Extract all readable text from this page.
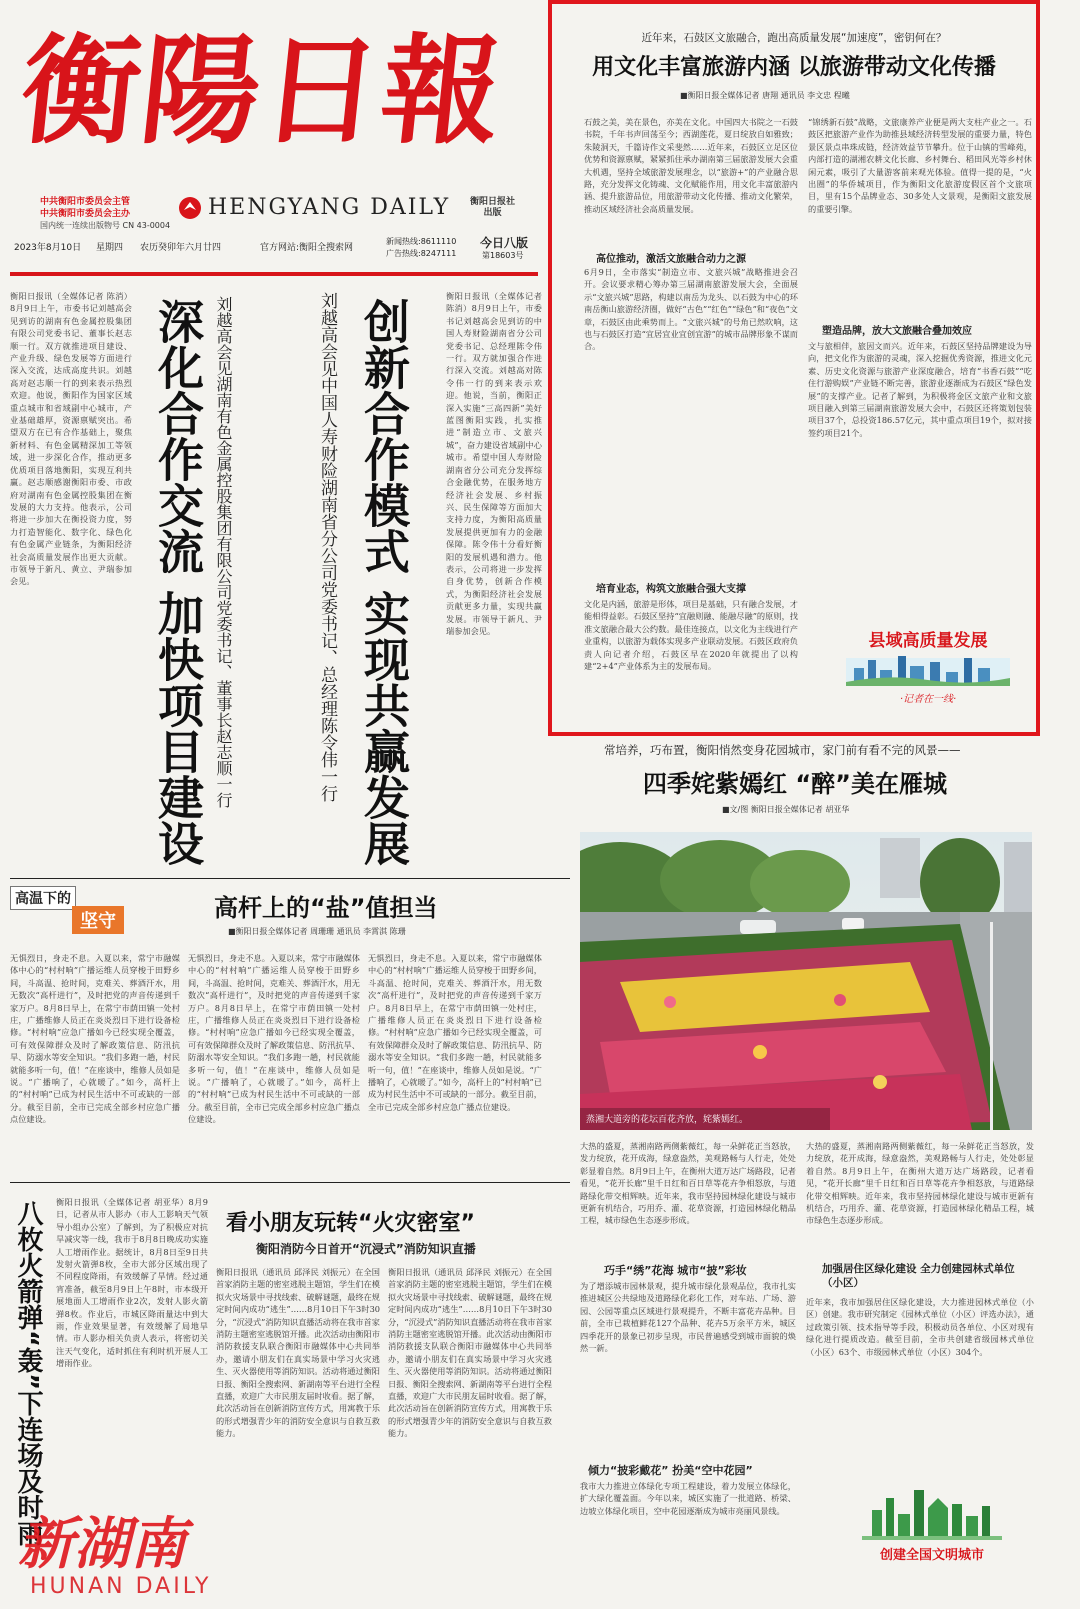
衡陽日報
中共衡阳市委员会主管
中共衡阳市委员会主办
国内统一连续出版物号 CN 43-0004
HENGYANG DAILY 衡阳日报社
出版
2023年8月10日 星期四 农历癸卯年六月廿四	官方网站:衡阳全搜索网
新闻热线:8611110
广告热线:8247111
今日八版
第18603号
衡阳日报讯（全媒体记者 陈消）8月9日上午，市委书记刘越高会见到访的湖南有色金属控股集团有限公司党委书记、董事长赵志顺一行。双方就推进项目建设、产业升级、绿色发展等方面进行深入交流，达成高度共识。刘越高对赵志顺一行的到来表示热烈欢迎。他说，衡阳作为国家区域重点城市和省域副中心城市，产业基础雄厚，资源禀赋突出。希望双方在已有合作基础上，聚焦新材料、有色金属精深加工等领域，进一步深化合作，推动更多优质项目落地衡阳，实现互利共赢。赵志顺感谢衡阳市委、市政府对湖南有色金属控股集团在衡发展的大力支持。他表示，公司将进一步加大在衡投资力度，努力打造智能化、数字化、绿色化有色金属产业链条，为衡阳经济社会高质量发展作出更大贡献。市领导于新凡、黄立、尹瑞参加会见。	深化合作交流 加快项目建设 刘越高会见湖南有色金属控股集团有限公司党委书记、董事长赵志顺一行	刘越高会见中国人寿财险湖南省分公司党委书记、总经理陈令伟一行 创新合作模式 实现共赢发展
衡阳日报讯（全媒体记者 陈消）8月9日上午，市委书记刘越高会见到访的中国人寿财险湖南省分公司党委书记、总经理陈令伟一行。双方就加强合作进行深入交流。刘越高对陈令伟一行的到来表示欢迎。他说，当前，衡阳正深入实施“三高四新”美好蓝图衡阳实践，扎实推进“制造立市、文旅兴城”，奋力建设省域副中心城市。希望中国人寿财险湖南省分公司充分发挥综合金融优势，在服务地方经济社会发展、乡村振兴、民生保障等方面加大支持力度，为衡阳高质量发展提供更加有力的金融保障。陈令伟十分看好衡阳的发展机遇和潜力。他表示，公司将进一步发挥自身优势，创新合作模式，为衡阳经济社会发展贡献更多力量，实现共赢发展。市领导于新凡、尹瑞参加会见。
近年来，石鼓区文旅融合，跑出高质量发展“加速度”，密钥何在？
用文化丰富旅游内涵 以旅游带动文化传播
■衡阳日报全媒体记者 唐翔 通讯员 李文忠 程曦
石鼓之美，美在景色，亦美在文化。中国四大书院之一石鼓书院，千年书声回荡至今；西湖莲花，夏日绽放自如雅致；朱陵洞天，千篇诗作文采斐然……近年来，石鼓区立足区位优势和资源禀赋，紧紧抓住承办湖南第三届旅游发展大会重大机遇，坚持全域旅游发展理念，以“旅游+”的产业融合思路，充分发挥文化铸魂、文化赋能作用，用文化丰富旅游内涵、提升旅游品位，用旅游带动文化传播、推动文化繁荣，推动区域经济社会高质量发展。
高位推动，激活文旅融合动力之源
6月9日，全市落实“制造立市、文旅兴城”战略推进会召开。会议要求精心筹办第三届湖南旅游发展大会，全面展示“文旅兴城”思路，构建以南岳为龙头、以石鼓为中心的环南岳衡山旅游经济圈，做好“古色”“红色”“绿色”和“夜色”文章，石鼓区由此乘势而上。“文旅兴城”的号角已然吹响，这也与石鼓区打造“宜居宜业宜创宜游”的城市品牌形象不谋而合。
培育业态，构筑文旅融合强大支撑
文化是内涵，旅游是形体，项目是基础，只有融合发展，才能相得益彰。石鼓区坚持“宜融则融、能融尽融”的原则，找准文旅融合最大公约数。最佳连接点，以文化为主线进行产业重构，以旅游为载体实现多产业联动发展。石鼓区政府负责人向记者介绍，石鼓区早在2020年就提出了以构建“2+4”产业体系为主的发展布局。
“锦绣新石鼓”战略，文旅康养产业便是两大支柱产业之一。石鼓区把旅游产业作为助推县域经济转型发展的重要力量，特色景区景点串珠成链，经济效益节节攀升。位于山镇的雪峰苑，内部打造的湖湘农耕文化长廊、乡村舞台、稻田风光等乡村休闲元素，吸引了大量游客前来观光体验。值得一提的是，“火出圈”的华侨城项目，作为衡阳文化旅游度假区首个文旅项目，里有15个品牌业态、30多处人文景观，是衡阳文旅发展的重要引擎。
塑造品牌，放大文旅融合叠加效应
文与旅相伴，旅因文而兴。近年来，石鼓区坚持品牌建设为导向，把文化作为旅游的灵魂，深入挖掘优秀资源，推进文化元素、历史文化资源与旅游产业深度融合，培育“书香石鼓”“吃住行游购娱”产业链不断完善，旅游业逐渐成为石鼓区“绿色发展”的支撑产业。记者了解到，为积极将金区文旅产业和文旅项目融入到第三届湖南旅游发展大会中，石鼓区还将策划包装项目37个，总投资186.57亿元，其中重点项目19个，拟对接签约项目21个。
县域高质量发展
·记者在一线·
常培养，巧布置，衡阳悄然变身花园城市，家门前有看不完的风景——
四季姹紫嫣红 “醉”美在雁城
■文/图 衡阳日报全媒体记者 胡亚华
蒸湘大道旁的花坛百花齐放，姹紫嫣红。
大热的盛夏，蒸湘南路两侧紫薇红，每一朵鲜花正当怒放，发力绽放，花开成海，绿意盎然，美观路畅与人行走，处处彰显着自然。8月9日上午，在衡州大道万达广场路段，记者看见，“花开长廊”里千日红和百日草等花卉争相怒放，与道路绿化带交相辉映。近年来，我市坚持园林绿化建设与城市更新有机结合，巧用乔、灌、花草资源，打造园林绿化精品工程，城市绿色生态逐步形成。
巧手“绣”花海 城市“披”彩妆
为了增添城市园林景观，提升城市绿化景观品位，我市扎实推进城区公共绿地及道路绿化彩化工作，对车站、广场、游园、公园等重点区域进行景观提升，不断丰富花卉品种。目前，全市已栽植鲜花127个品种、花卉5万余平方米，城区四季花开的景象已初步呈现，市民普遍感受到城市面貌的焕然一新。
倾力“披彩戴花” 扮美“空中花园”
我市大力推进立体绿化专项工程建设，着力发展立体绿化，扩大绿化覆盖面。今年以来，城区实施了一批道路、桥梁、边坡立体绿化项目，空中花园逐渐成为城市亮丽风景线。
大热的盛夏，蒸湘南路两侧紫薇红，每一朵鲜花正当怒放，发力绽放，花开成海，绿意盎然，美观路畅与人行走，处处彰显着自然。8月9日上午，在衡州大道万达广场路段，记者看见，“花开长廊”里千日红和百日草等花卉争相怒放，与道路绿化带交相辉映。近年来，我市坚持园林绿化建设与城市更新有机结合，巧用乔、灌、花草资源，打造园林绿化精品工程，城市绿色生态逐步形成。
加强居住区绿化建设 全力创建园林式单位（小区）
近年来，我市加强居住区绿化建设，大力推进园林式单位（小区）创建。我市研究制定《园林式单位（小区）评选办法》，通过政策引领、技术指导等手段，积极动员各单位、小区对现有绿化进行提质改造。截至目前，全市共创建省级园林式单位（小区）63个、市级园林式单位（小区）304个。
创建全国文明城市
高温下的
坚守	高杆上的“盐”值担当
■衡阳日报全媒体记者 周珊珊 通讯员 李霄淇 陈珊
无惧烈日，身走不息。入夏以来，常宁市融媒体中心的“村村响”广播运维人员穿梭于田野乡间，斗高温、抢时间，克难关、葬酒汗水，用无数次“高杆进行”，及时把党的声音传递到千家万户。8月8日早上，在常宁市荫田镇一处村庄，广播维修人员正在炎炎烈日下进行设备检修。“村村响”应急广播如今已经实现全覆盖，可有效保障群众及时了解政策信息、防汛抗旱、防溺水等安全知识。“我们多跑一趟，村民就能多听一句，值！”在座谈中，维修人员如是说。“广播响了，心就暖了。”如今，高杆上的“村村响”已成为村民生活中不可或缺的一部分。截至目前，全市已完成全部乡村应急广播点位建设。
无惧烈日，身走不息。入夏以来，常宁市融媒体中心的“村村响”广播运维人员穿梭于田野乡间，斗高温、抢时间，克难关、葬酒汗水，用无数次“高杆进行”，及时把党的声音传递到千家万户。8月8日早上，在常宁市荫田镇一处村庄，广播维修人员正在炎炎烈日下进行设备检修。“村村响”应急广播如今已经实现全覆盖，可有效保障群众及时了解政策信息、防汛抗旱、防溺水等安全知识。“我们多跑一趟，村民就能多听一句，值！”在座谈中，维修人员如是说。“广播响了，心就暖了。”如今，高杆上的“村村响”已成为村民生活中不可或缺的一部分。截至目前，全市已完成全部乡村应急广播点位建设。
无惧烈日，身走不息。入夏以来，常宁市融媒体中心的“村村响”广播运维人员穿梭于田野乡间，斗高温、抢时间，克难关、葬酒汗水，用无数次“高杆进行”，及时把党的声音传递到千家万户。8月8日早上，在常宁市荫田镇一处村庄，广播维修人员正在炎炎烈日下进行设备检修。“村村响”应急广播如今已经实现全覆盖，可有效保障群众及时了解政策信息、防汛抗旱、防溺水等安全知识。“我们多跑一趟，村民就能多听一句，值！”在座谈中，维修人员如是说。“广播响了，心就暖了。”如今，高杆上的“村村响”已成为村民生活中不可或缺的一部分。截至目前，全市已完成全部乡村应急广播点位建设。
八枚火箭弹“轰”下连场及时雨 衡阳日报讯（全媒体记者 胡亚华）8月9日，记者从市人影办（市人工影响天气领导小组办公室）了解到，为了积极应对抗旱减灾等一线，我市于8月8日晚成功实施人工增雨作业。据统计，8月8日至9日共发射火箭弹8枚，全市大部分区域出现了不同程度降雨，有效缓解了旱情。经过通宵准备，截至8月9日上午8时，市本级开展地面人工增雨作业2次，发射人影火箭弹8枚。作业后，市城区降雨量达中到大雨，作业效果显著，有效缓解了局地旱情。市人影办相关负责人表示，将密切关注天气变化，适时抓住有利时机开展人工增雨作业。
看小朋友玩转“火灾密室”
衡阳消防今日首开“沉浸式”消防知识直播
衡阳日报讯（通讯员 邱泽民 刘振元）在全国首家消防主题的密室逃脱主题馆，学生们在模拟火灾场景中寻找线索、破解谜题，最终在规定时间内成功“逃生”……8月10日下午3时30分，“沉浸式”消防知识直播活动将在我市首家消防主题密室逃脱馆开播。此次活动由衡阳市消防救援支队联合衡阳市融媒体中心共同举办，邀请小朋友们在真实场景中学习火灾逃生、灭火器使用等消防知识。活动将通过衡阳日报、衡阳全搜索网、新湖南等平台进行全程直播，欢迎广大市民朋友届时收看。据了解，此次活动旨在创新消防宣传方式，用寓教于乐的形式增强青少年的消防安全意识与自救互救能力。
衡阳日报讯（通讯员 邱泽民 刘振元）在全国首家消防主题的密室逃脱主题馆，学生们在模拟火灾场景中寻找线索、破解谜题，最终在规定时间内成功“逃生”……8月10日下午3时30分，“沉浸式”消防知识直播活动将在我市首家消防主题密室逃脱馆开播。此次活动由衡阳市消防救援支队联合衡阳市融媒体中心共同举办，邀请小朋友们在真实场景中学习火灾逃生、灭火器使用等消防知识。活动将通过衡阳日报、衡阳全搜索网、新湖南等平台进行全程直播，欢迎广大市民朋友届时收看。据了解，此次活动旨在创新消防宣传方式，用寓教于乐的形式增强青少年的消防安全意识与自救互救能力。
新湖南
HUNAN DAILY
